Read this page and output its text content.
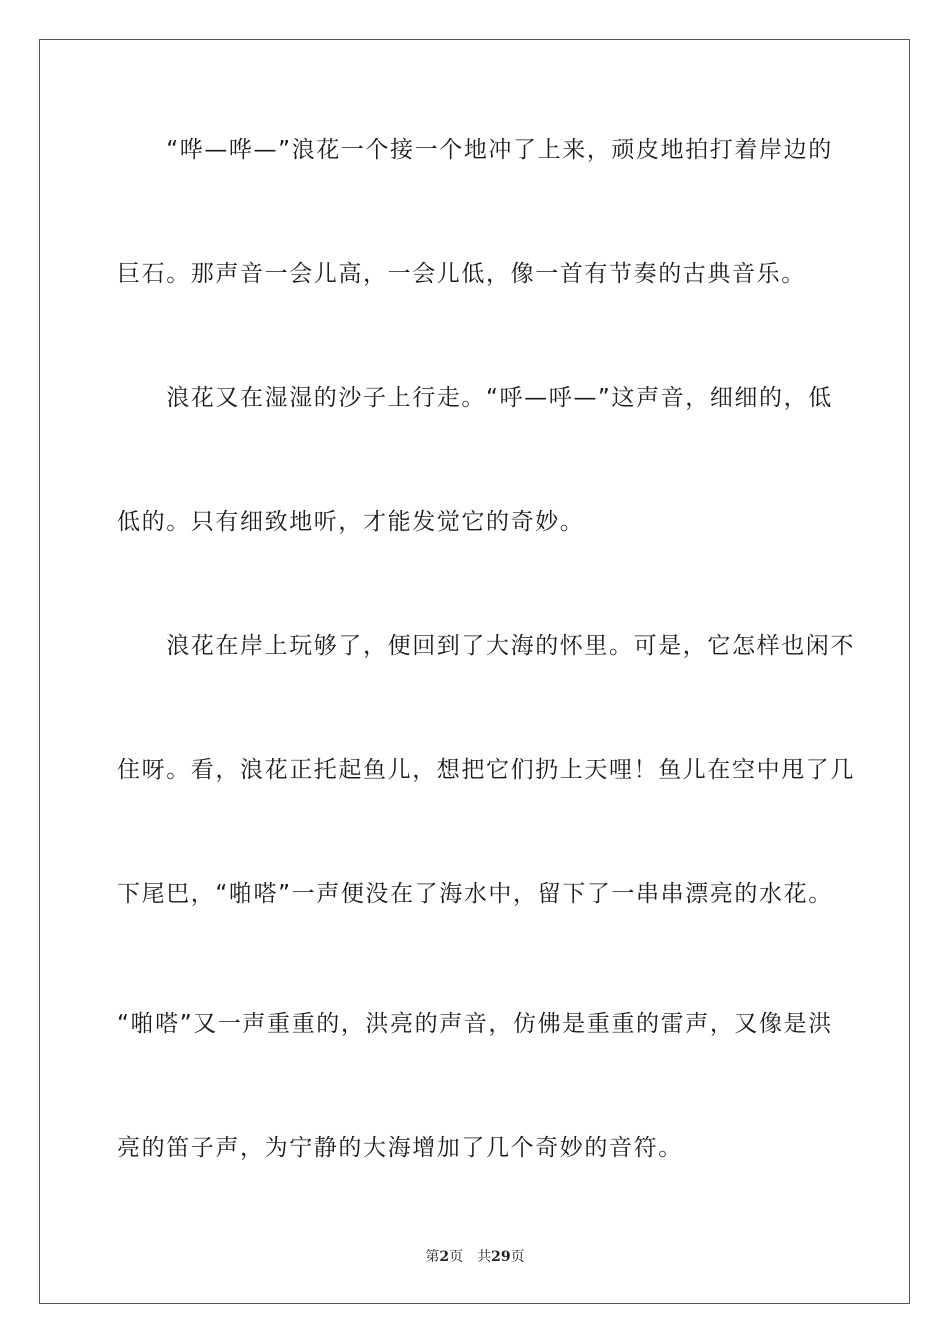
　　“哗—哗—”浪花一个接一个地冲了上来，顽皮地拍打着岸边的
巨石。那声音一会儿高，一会儿低，像一首有节奏的古典音乐。
　　浪花又在湿湿的沙子上行走。“呼—呼—”这声音，细细的，低
低的。只有细致地听，才能发觉它的奇妙。
　　浪花在岸上玩够了，便回到了大海的怀里。可是，它怎样也闲不
住呀。看，浪花正托起鱼儿，想把它们扔上天哩！鱼儿在空中甩了几
下尾巴，“啪嗒”一声便没在了海水中，留下了一串串漂亮的水花。
“啪嗒”又一声重重的，洪亮的声音，仿佛是重重的雷声，又像是洪
亮的笛子声，为宁静的大海增加了几个奇妙的音符。
第2页 共29页
